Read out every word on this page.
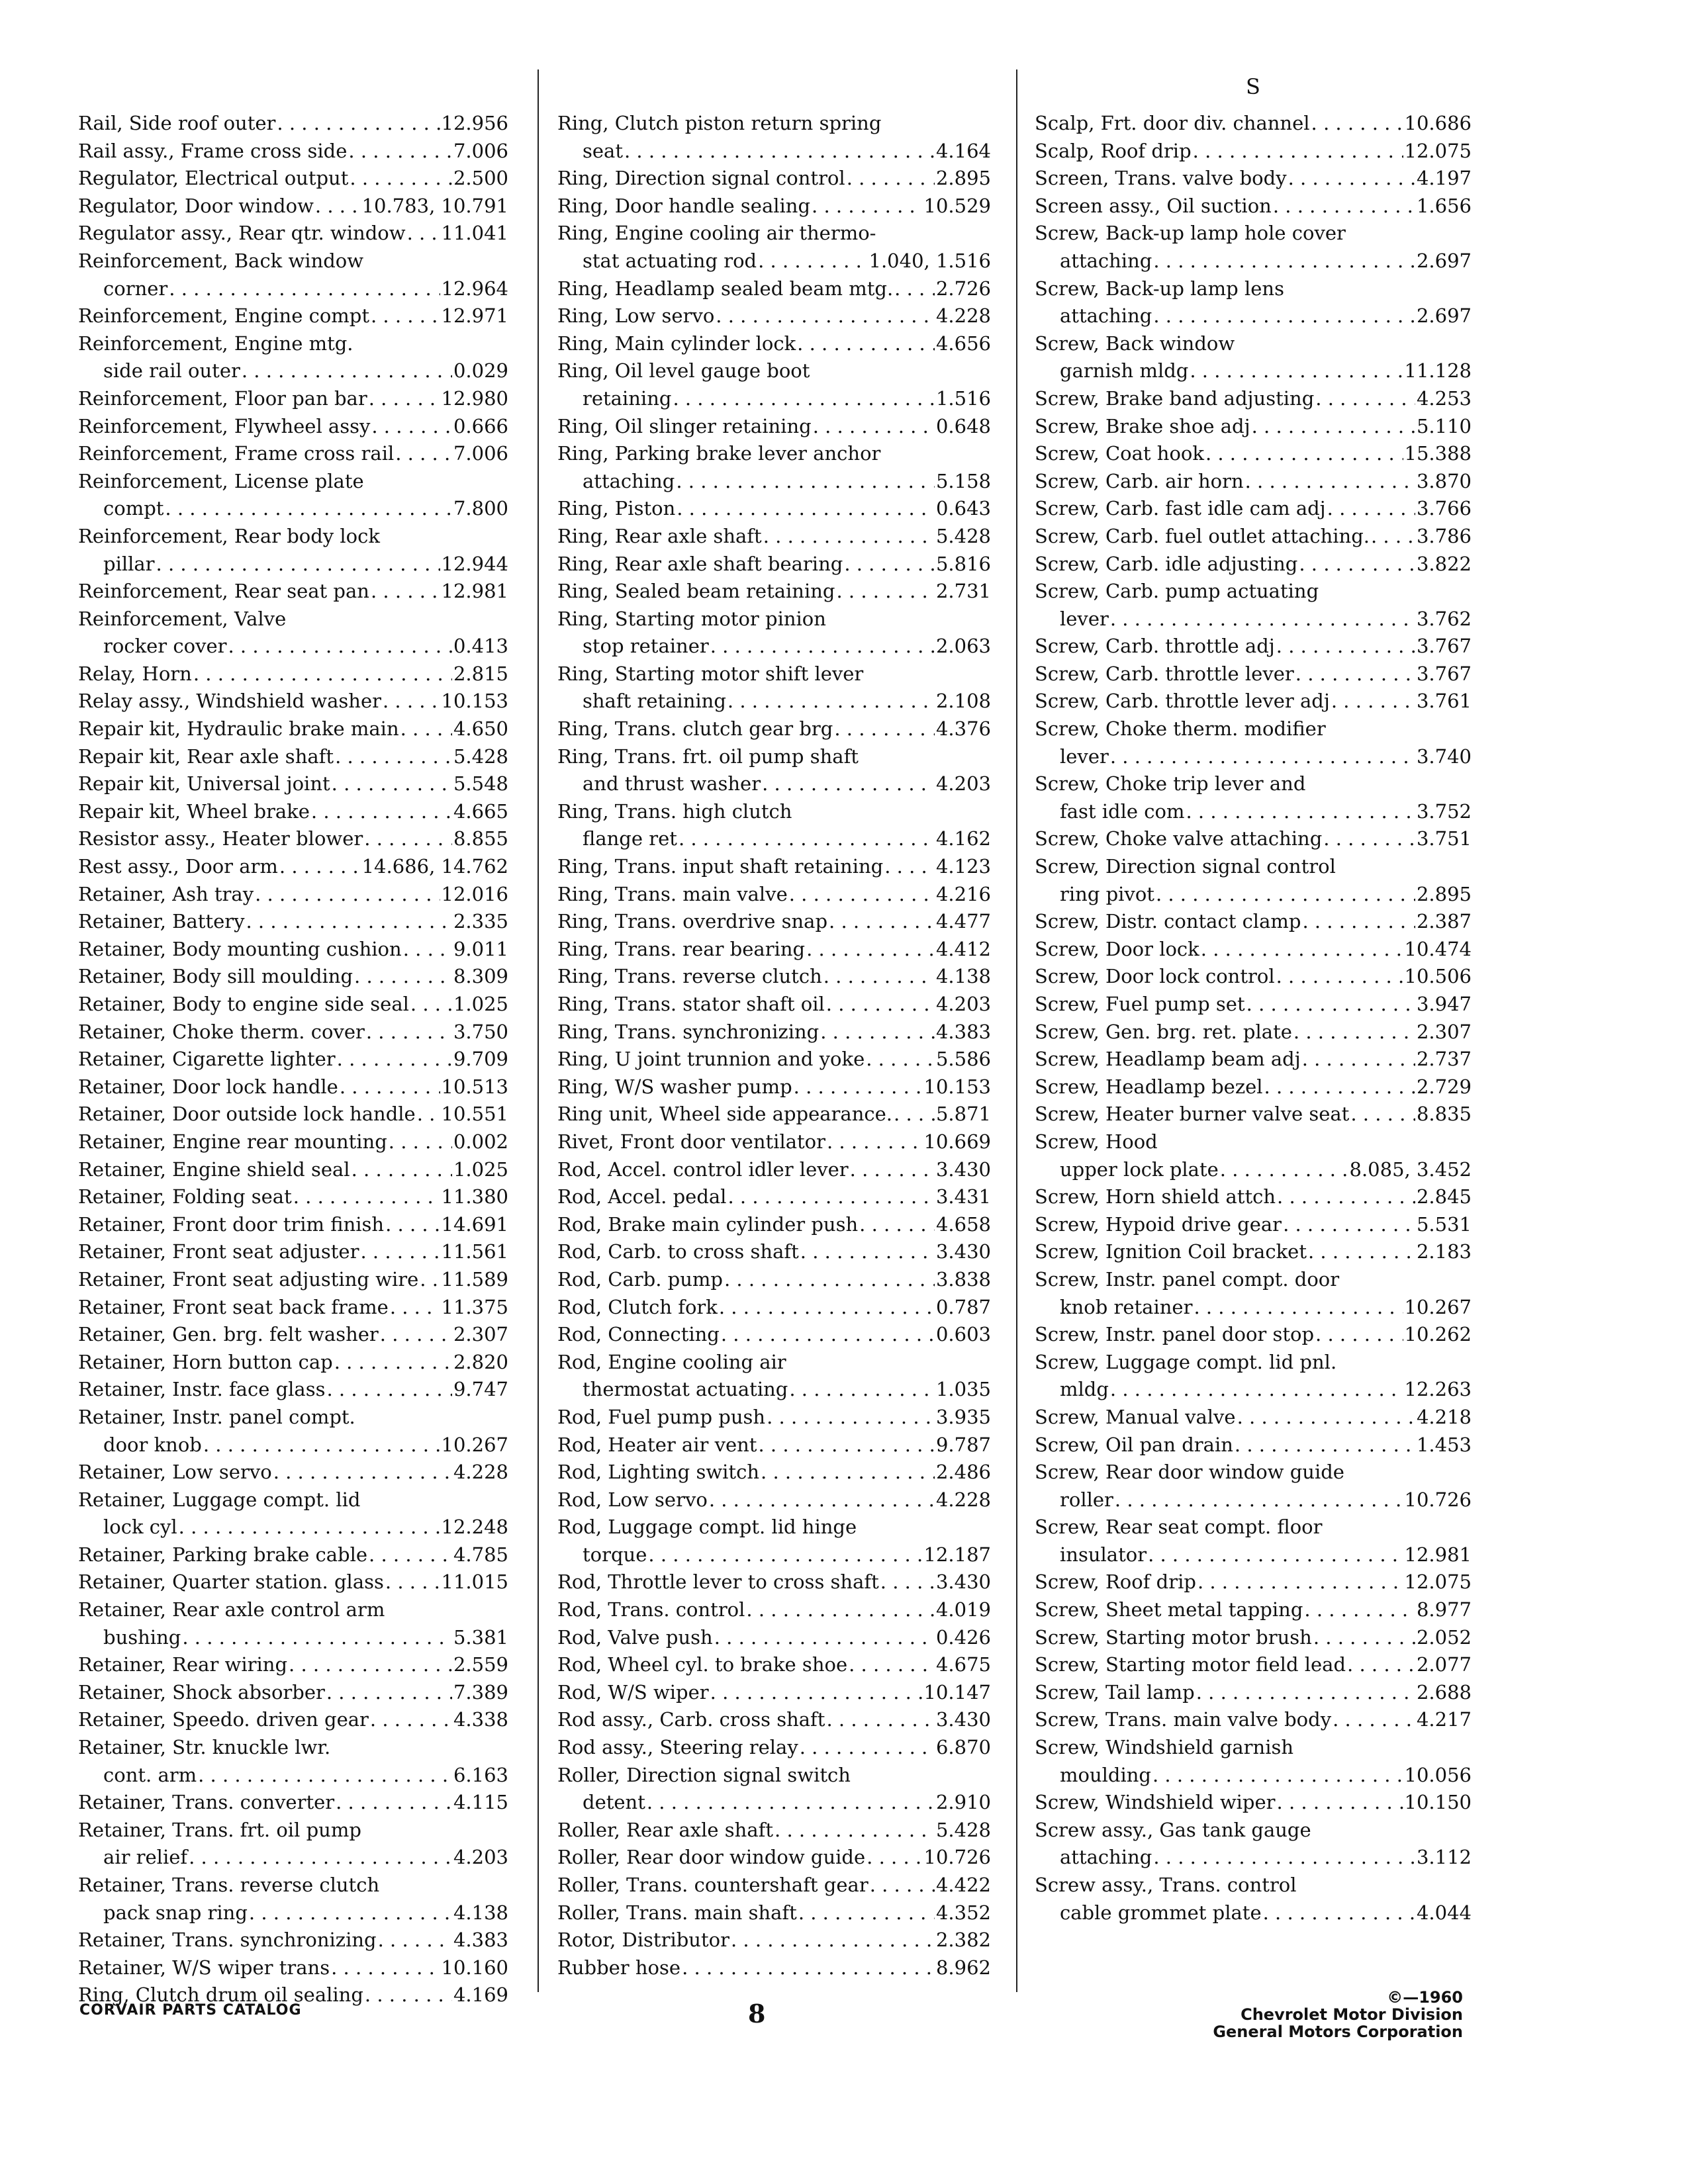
Rail, Side roof outer . . .	12.956
Rail assy., Frame cross side . . .	7.006
Regulator, Electrical output . . .	2.500
Regulator, Door window . . .	10.783, 10.791
Regulator assy., Rear qtr. window . . . 11.041
Reinforcement, Back window
corner . . .	12.964
Reinforcement, Engine compt . . .	12.971
Reinforcement, Engine mtg.
side rail outer . . .	0.029
Reinforcement, Floor pan bar . . .	12.980
Reinforcement, Flywheel assy . . .	0.666
Reinforcement, Frame cross rail . . .	7.006
Reinforcement, License plate
compt . . .	7.800
Reinforcement, Rear body lock
pillar . . .	12.944
Reinforcement, Rear seat pan . . .	12.981
Reinforcement, Valve
rocker cover . . .	0.413
Relay, Horn . . .	2.815
Relay assy., Windshield washer . . .	10.153
Repair kit, Hydraulic brake main . . .	4.650
Repair kit, Rear axle shaft . . .	5.428
Repair kit, Universal joint . . .	5.548
Repair kit, Wheel brake . . .	4.665
Resistor assy., Heater blower . . .	8.855
Rest assy., Door arm . . .	14.686, 14.762
Retainer, Ash tray . . .	12.016
Retainer, Battery . . .	2.335
Retainer, Body mounting cushion . . .	9.011
Retainer, Body sill moulding . . .	8.309
Retainer, Body to engine side seal . . . 1.025
Retainer, Choke therm. cover . . .	3.750
Retainer, Cigarette lighter . . .	9.709
Retainer, Door lock handle . . .	10.513
Retainer, Door outside lock handle . . . 10.551
Retainer, Engine rear mounting . . .	0.002
Retainer, Engine shield seal . . .	1.025
Retainer, Folding seat . . .	11.380
Retainer, Front door trim finish . . .	14.691
Retainer, Front seat adjuster . . .	11.561
Retainer, Front seat adjusting wire . . . 11.589
Retainer, Front seat back frame . . .	11.375
Retainer, Gen. brg. felt washer . . .	2.307
Retainer, Horn button cap . . .	2.820
Retainer, Instr. face glass . . .	9.747
Retainer, Instr. panel compt.
door knob . . .	10.267
Retainer, Low servo . . .	4.228
Retainer, Luggage compt. lid
lock cyl . . .	12.248
Retainer, Parking brake cable . . .	4.785
Retainer, Quarter station. glass . . .	11.015
Retainer, Rear axle control arm
bushing . . .	5.381
Retainer, Rear wiring . . .	2.559
Retainer, Shock absorber . . .	7.389
Retainer, Speedo. driven gear . . .	4.338
Retainer, Str. knuckle lwr.
cont. arm . . .	6.163
Retainer, Trans. converter . . .	4.115
Retainer, Trans. frt. oil pump
air relief . . .	4.203
Retainer, Trans. reverse clutch
pack snap ring . . .	4.138
Retainer, Trans. synchronizing . . .	4.383
Retainer, W/S wiper trans . . .	10.160
Ring, Clutch drum oil sealing . . .	4.169
Ring, Clutch piston return spring
seat . . .	4.164
Ring, Direction signal control . . .	2.895
Ring, Door handle sealing . . .	10.529
Ring, Engine cooling air thermo-
stat actuating rod . . .	1.040, 1.516
Ring, Headlamp sealed beam mtg. . . . 2.726
Ring, Low servo . . .	4.228
Ring, Main cylinder lock . . .	4.656
Ring, Oil level gauge boot
retaining . . .	1.516
Ring, Oil slinger retaining . . .	0.648
Ring, Parking brake lever anchor
attaching . . .	5.158
Ring, Piston . . .	0.643
Ring, Rear axle shaft . . .	5.428
Ring, Rear axle shaft bearing . . .	5.816
Ring, Sealed beam retaining . . .	2.731
Ring, Starting motor pinion
stop retainer . . .	2.063
Ring, Starting motor shift lever
shaft retaining . . .	2.108
Ring, Trans. clutch gear brg . . .	4.376
Ring, Trans. frt. oil pump shaft
and thrust washer . . .	4.203
Ring, Trans. high clutch
flange ret . . .	4.162
Ring, Trans. input shaft retaining . . .	4.123
Ring, Trans. main valve . . .	4.216
Ring, Trans. overdrive snap . . .	4.477
Ring, Trans. rear bearing . . .	4.412
Ring, Trans. reverse clutch . . .	4.138
Ring, Trans. stator shaft oil . . .	4.203
Ring, Trans. synchronizing . . .	4.383
Ring, U joint trunnion and yoke . . .	5.586
Ring, W/S washer pump . . .	10.153
Ring unit, Wheel side appearance. . . . 5.871
Rivet, Front door ventilator . . .	10.669
Rod, Accel. control idler lever . . .	3.430
Rod, Accel. pedal . . .	3.431
Rod, Brake main cylinder push . . .	4.658
Rod, Carb. to cross shaft . . .	3.430
Rod, Carb. pump . . .	3.838
Rod, Clutch fork . . .	0.787
Rod, Connecting . . .	0.603
Rod, Engine cooling air
thermostat actuating . . .	1.035
Rod, Fuel pump push . . .	3.935
Rod, Heater air vent . . .	9.787
Rod, Lighting switch . . .	2.486
Rod, Low servo . . .	4.228
Rod, Luggage compt. lid hinge
torque . . .	12.187
Rod, Throttle lever to cross shaft . . .	3.430
Rod, Trans. control . . .	4.019
Rod, Valve push . . .	0.426
Rod, Wheel cyl. to brake shoe . . .	4.675
Rod, W/S wiper . . .	10.147
Rod assy., Carb. cross shaft . . .	3.430
Rod assy., Steering relay . . .	6.870
Roller, Direction signal switch
detent . . .	2.910
Roller, Rear axle shaft . . .	5.428
Roller, Rear door window guide . . .	10.726
Roller, Trans. countershaft gear . . .	4.422
Roller, Trans. main shaft . . .	4.352
Rotor, Distributor . . .	2.382
Rubber hose . . .	8.962
S
Scalp, Frt. door div. channel . . .	10.686
Scalp, Roof drip . . .	12.075
Screen, Trans. valve body . . .	4.197
Screen assy., Oil suction . . .	1.656
Screw, Back-up lamp hole cover
attaching . . .	2.697
Screw, Back-up lamp lens
attaching . . .	2.697
Screw, Back window
garnish mldg . . .	11.128
Screw, Brake band adjusting . . .	4.253
Screw, Brake shoe adj . . .	5.110
Screw, Coat hook . . .	15.388
Screw, Carb. air horn . . .	3.870
Screw, Carb. fast idle cam adj . . .	3.766
Screw, Carb. fuel outlet attaching. . . . 3.786
Screw, Carb. idle adjusting . . .	3.822
Screw, Carb. pump actuating
lever . . .	3.762
Screw, Carb. throttle adj . . .	3.767
Screw, Carb. throttle lever . . .	3.767
Screw, Carb. throttle lever adj . . .	3.761
Screw, Choke therm. modifier
lever . . .	3.740
Screw, Choke trip lever and
fast idle com . . .	3.752
Screw, Choke valve attaching . . .	3.751
Screw, Direction signal control
ring pivot . . .	2.895
Screw, Distr. contact clamp . . .	2.387
Screw, Door lock . . .	10.474
Screw, Door lock control . . .	10.506
Screw, Fuel pump set . . .	3.947
Screw, Gen. brg. ret. plate . . .	2.307
Screw, Headlamp beam adj . . .	2.737
Screw, Headlamp bezel . . .	2.729
Screw, Heater burner valve seat . . .	8.835
Screw, Hood
upper lock plate . . .	8.085, 3.452
Screw, Horn shield attch . . .	2.845
Screw, Hypoid drive gear . . .	5.531
Screw, Ignition Coil bracket . . .	2.183
Screw, Instr. panel compt. door
knob retainer . . .	10.267
Screw, Instr. panel door stop . . .	10.262
Screw, Luggage compt. lid pnl.
mldg . . .	12.263
Screw, Manual valve . . .	4.218
Screw, Oil pan drain . . .	1.453
Screw, Rear door window guide
roller . . .	10.726
Screw, Rear seat compt. floor
insulator . . .	12.981
Screw, Roof drip . . .	12.075
Screw, Sheet metal tapping . . .	8.977
Screw, Starting motor brush . . .	2.052
Screw, Starting motor field lead . . .	2.077
Screw, Tail lamp . . .	2.688
Screw, Trans. main valve body . . .	4.217
Screw, Windshield garnish
moulding . . .	10.056
Screw, Windshield wiper . . .	10.150
Screw assy., Gas tank gauge
attaching . . .	3.112
Screw assy., Trans. control
cable grommet plate . . .	4.044
CORVAIR PARTS CATALOG	8
©—1960
Chevrolet Motor Division
General Motors Corporation
